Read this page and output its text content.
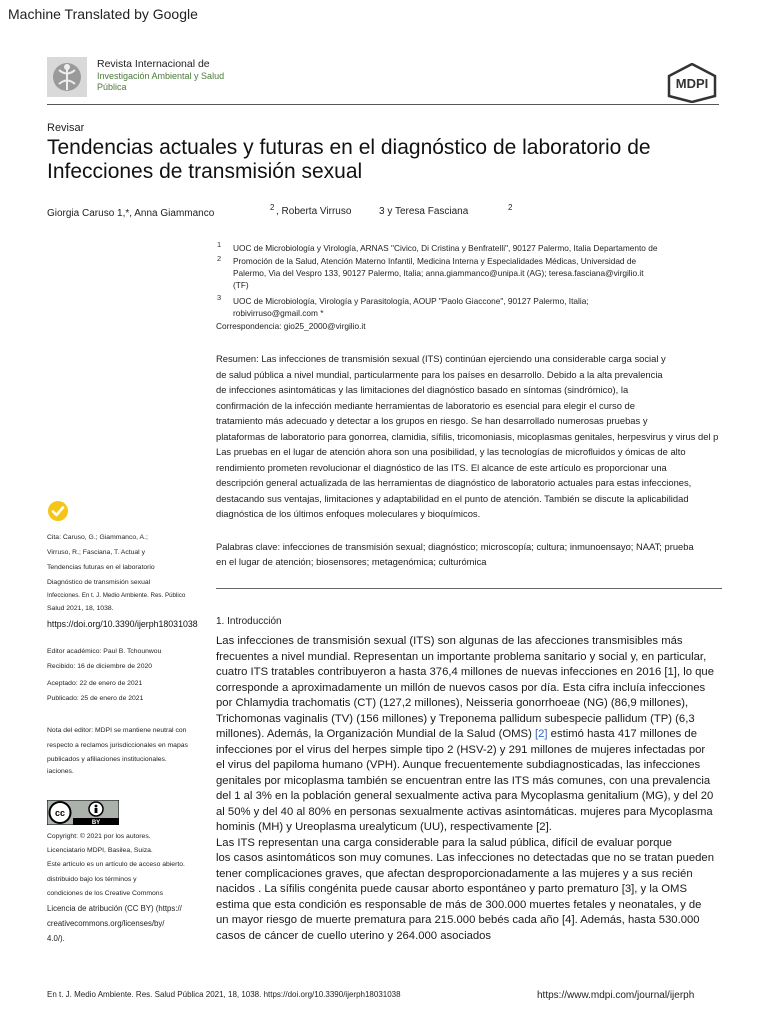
Machine Translated by Google
Revista Internacional de
Investigación Ambiental y Salud
Pública	MDPI
Revisar
Tendencias actuales y futuras en el diagnóstico de laboratorio de Infecciones de transmisión sexual
Giorgia Caruso 1,*, Anna Giammanco
2 , Roberta Virruso	3 y Teresa Fasciana	2
1 UOC de Microbiología y Virología, ARNAS "Civico, Di Cristina y Benfratelli", 90127 Palermo, Italia Departamento de
2 Promoción de la Salud, Atención Materno Infantil, Medicina Interna y Especialidades Médicas, Universidad de
Palermo, Via del Vespro 133, 90127 Palermo, Italia; anna.giammanco@unipa.it (AG); teresa.fasciana@virgilio.it
(TF)
3 UOC de Microbiología, Virología y Parasitología, AOUP "Paolo Giaccone", 90127 Palermo, Italia;
robivirruso@gmail.com *
Correspondencia: gio25_2000@virgilio.it
Resumen: Las infecciones de transmisión sexual (ITS) continúan ejerciendo una considerable carga social y
de salud pública a nivel mundial, particularmente para los países en desarrollo. Debido a la alta prevalencia
de infecciones asintomáticas y las limitaciones del diagnóstico basado en síntomas (sindrómico), la
confirmación de la infección mediante herramientas de laboratorio es esencial para elegir el curso de
tratamiento más adecuado y detectar a los grupos en riesgo. Se han desarrollado numerosas pruebas y
plataformas de laboratorio para gonorrea, clamidia, sífilis, tricomoniasis, micoplasmas genitales, herpesvirus y virus del p
Las pruebas en el lugar de atención ahora son una posibilidad, y las tecnologías de microfluidos y ómicas de alto
rendimiento prometen revolucionar el diagnóstico de las ITS. El alcance de este artículo es proporcionar una
descripción general actualizada de las herramientas de diagnóstico de laboratorio actuales para estas infecciones,
destacando sus ventajas, limitaciones y adaptabilidad en el punto de atención. También se discute la aplicabilidad
diagnóstica de los últimos enfoques moleculares y bioquímicos.
Palabras clave: infecciones de transmisión sexual; diagnóstico; microscopía; cultura; inmunoensayo; NAAT; prueba
en el lugar de atención; biosensores; metagenómica; culturómica
Cita: Caruso, G.; Giammanco, A.;
Virruso, R.; Fasciana, T. Actual y
Tendencias futuras en el laboratorio
Diagnóstico de transmisión sexual
Infecciones. En t. J. Medio Ambiente. Res. Público
Salud 2021, 18, 1038.
https://doi.org/10.3390/ijerph18031038
Editor académico: Paul B. Tchounwou
Recibido: 16 de diciembre de 2020
Aceptado: 22 de enero de 2021
Publicado: 25 de enero de 2021
Nota del editor: MDPI se mantiene neutral con
respecto a reclamos jurisdiccionales en mapas
publicados y afiliaciones institucionales.
iaciones.
cc
BY
Copyright: © 2021 por los autores.
Licenciatario MDPI, Basilea, Suiza.
Este artículo es un artículo de acceso abierto.
distribuido bajo los términos y
condiciones de los Creative Commons
Licencia de atribución (CC BY) (https://
creativecommons.org/licenses/by/
4.0/).
1. Introducción
Las infecciones de transmisión sexual (ITS) son algunas de las afecciones transmisibles más
frecuentes a nivel mundial. Representan un importante problema sanitario y social y, en particular,
cuatro ITS tratables contribuyeron a hasta 376,4 millones de nuevas infecciones en 2016 [1], lo que
corresponde a aproximadamente un millón de nuevos casos por día. Esta cifra incluía infecciones
por Chlamydia trachomatis (CT) (127,2 millones), Neisseria gonorrhoeae (NG) (86,9 millones),
Trichomonas vaginalis (TV) (156 millones) y Treponema pallidum subespecie pallidum (TP) (6,3
millones). Además, la Organización Mundial de la Salud (OMS) [2] estimó hasta 417 millones de
infecciones por el virus del herpes simple tipo 2 (HSV-2) y 291 millones de mujeres infectadas por
el virus del papiloma humano (VPH). Aunque frecuentemente subdiagnosticadas, las infecciones
genitales por micoplasma también se encuentran entre las ITS más comunes, con una prevalencia
del 1 al 3% en la población general sexualmente activa para Mycoplasma genitalium (MG), y del 20
al 50% y del 40 al 80% en personas sexualmente activas asintomáticas. mujeres para Mycoplasma
hominis (MH) y Ureoplasma urealyticum (UU), respectivamente [2].
Las ITS representan una carga considerable para la salud pública, difícil de evaluar porque
los casos asintomáticos son muy comunes. Las infecciones no detectadas que no se tratan pueden
tener complicaciones graves, que afectan desproporcionadamente a las mujeres y a sus recién
nacidos . La sífilis congénita puede causar aborto espontáneo y parto prematuro [3], y la OMS
estima que esta condición es responsable de más de 300.000 muertes fetales y neonatales, y de
un mayor riesgo de muerte prematura para 215.000 bebés cada año [4]. Además, hasta 530.000
casos de cáncer de cuello uterino y 264.000 asociados
En t. J. Medio Ambiente. Res. Salud Pública 2021, 18, 1038. https://doi.org/10.3390/ijerph18031038	https://www.mdpi.com/journal/ijerph
